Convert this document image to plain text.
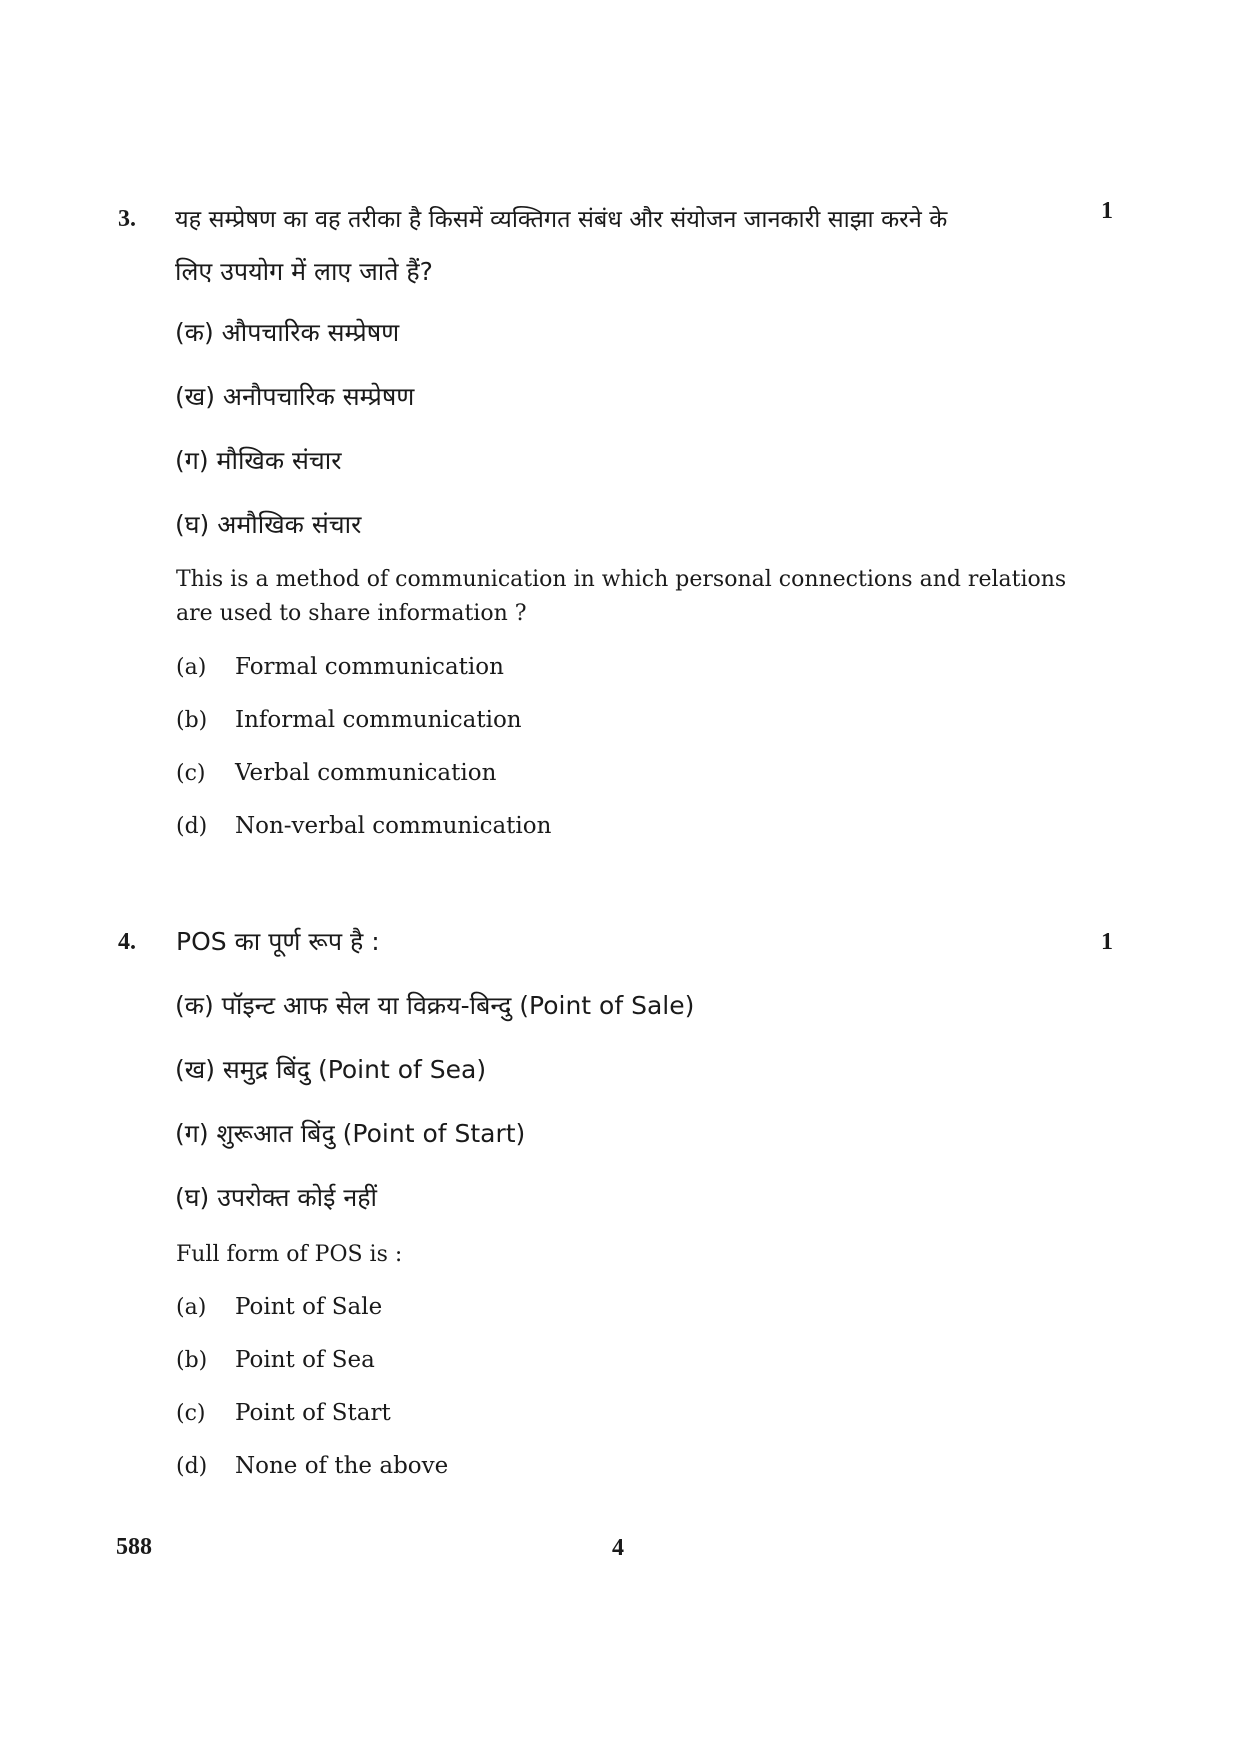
3.	1
यह सम्प्रेषण का वह तरीका है किसमें व्यक्तिगत संबंध और संयोजन जानकारी साझा करने के
लिए उपयोग में लाए जाते हैं?
(क) औपचारिक सम्प्रेषण
(ख) अनौपचारिक सम्प्रेषण
(ग) मौखिक संचार
(घ) अमौखिक संचार
This is a method of communication in which personal connections and relations
are used to share information ?
(a) Formal communication
(b) Informal communication
(c) Verbal communication
(d) Non-verbal communication
4.	1
POS का पूर्ण रूप है :
(क) पॉइन्ट आफ सेल या विक्रय-बिन्दु (Point of Sale)
(ख) समुद्र बिंदु (Point of Sea)
(ग) शुरूआत बिंदु (Point of Start)
(घ) उपरोक्त कोई नहीं
Full form of POS is :
(a) Point of Sale
(b) Point of Sea
(c) Point of Start
(d) None of the above
588	4
